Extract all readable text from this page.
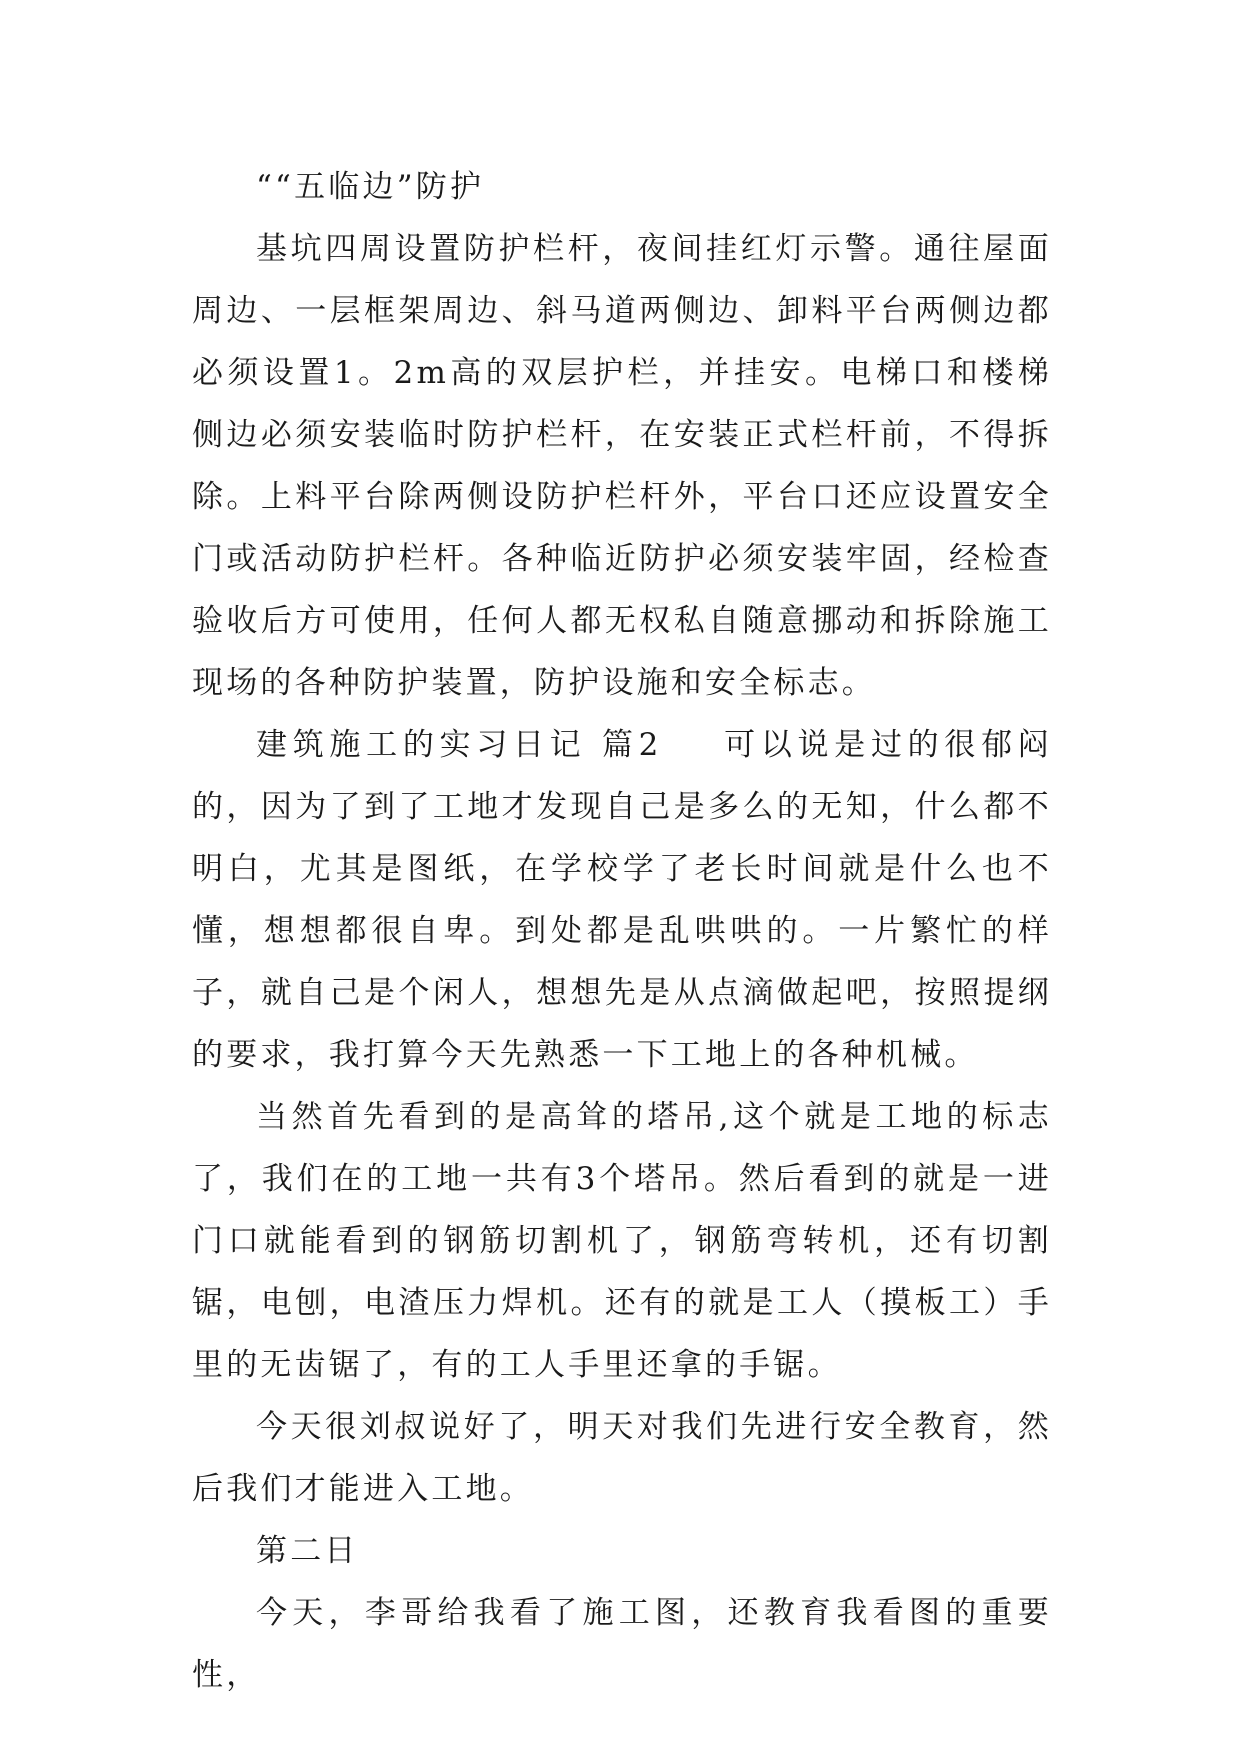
““五临边”防护

基坑四周设置防护栏杆，夜间挂红灯示警。通往屋面周边、一层框架周边、斜马道两侧边、卸料平台两侧边都必须设置1。2m高的双层护栏，并挂安。电梯口和楼梯侧边必须安装临时防护栏杆，在安装正式栏杆前，不得拆除。上料平台除两侧设防护栏杆外，平台口还应设置安全门或活动防护栏杆。各种临近防护必须安装牢固，经检查验收后方可使用，任何人都无权私自随意挪动和拆除施工现场的各种防护装置，防护设施和安全标志。

建筑施工的实习日记 篇2 可以说是过的很郁闷的，因为了到了工地才发现自己是多么的无知，什么都不明白，尤其是图纸，在学校学了老长时间就是什么也不懂，想想都很自卑。到处都是乱哄哄的。一片繁忙的样子，就自己是个闲人，想想先是从点滴做起吧，按照提纲的要求，我打算今天先熟悉一下工地上的各种机械。

当然首先看到的是高耸的塔吊,这个就是工地的标志了，我们在的工地一共有3个塔吊。然后看到的就是一进门口就能看到的钢筋切割机了，钢筋弯转机，还有切割锯，电刨，电渣压力焊机。还有的就是工人（摸板工）手里的无齿锯了，有的工人手里还拿的手锯。

今天很刘叔说好了，明天对我们先进行安全教育，然后我们才能进入工地。

第二日

今天，李哥给我看了施工图，还教育我看图的重要性，
